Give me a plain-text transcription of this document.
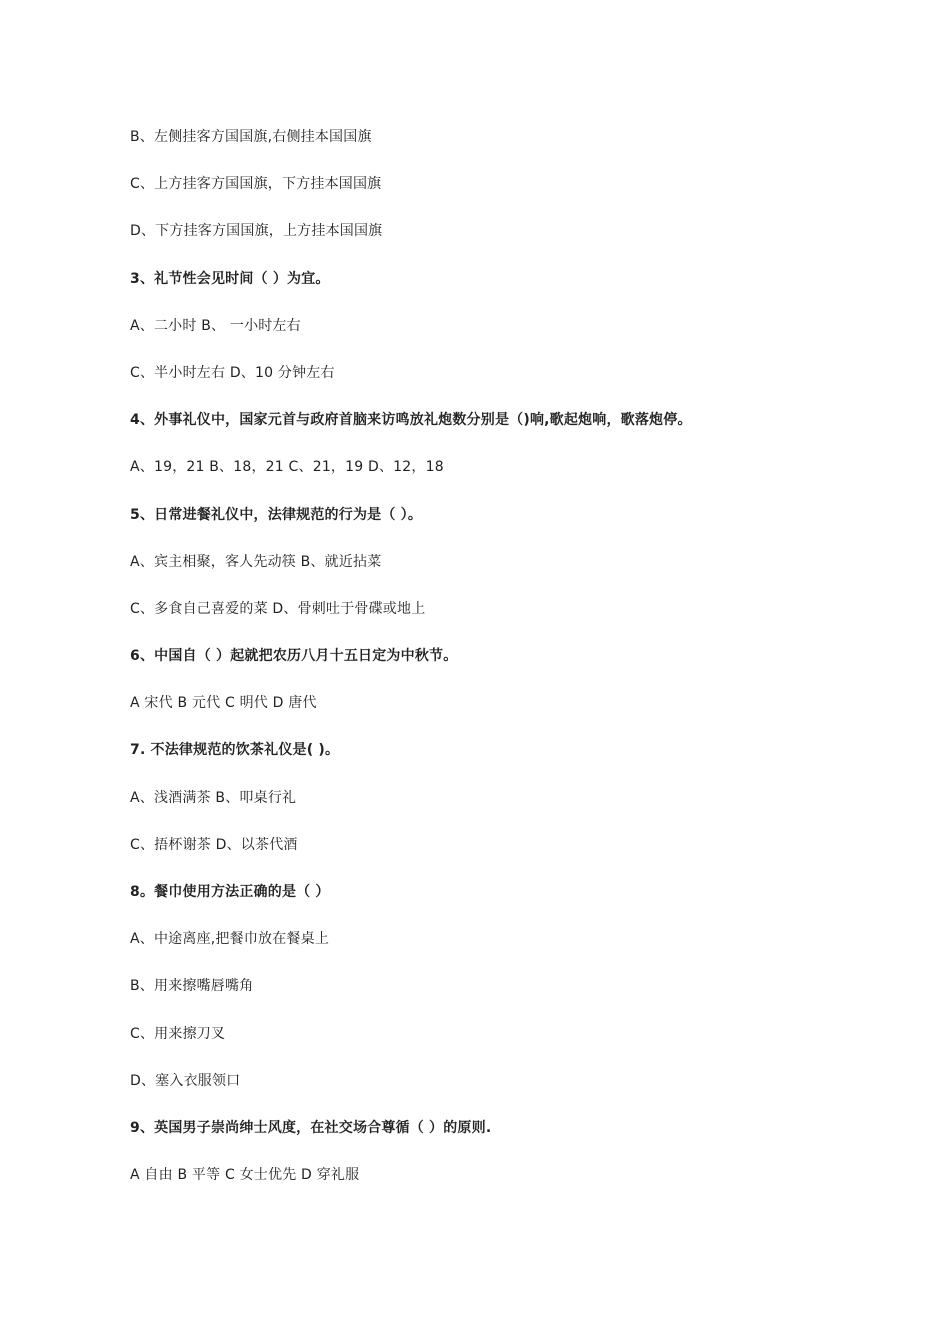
B、左侧挂客方国国旗,右侧挂本国国旗
C、上方挂客方国国旗，下方挂本国国旗
D、下方挂客方国国旗，上方挂本国国旗
3、礼节性会见时间（ ）为宜。
A、二小时 B、 一小时左右
C、半小时左右 D、10 分钟左右
4、外事礼仪中，国家元首与政府首脑来访鸣放礼炮数分别是（)响,歌起炮响，歌落炮停。
A、19，21 B、18，21 C、21，19 D、12，18
5、日常进餐礼仪中，法律规范的行为是（ ）。
A、宾主相聚，客人先动筷 B、就近拈菜
C、多食自己喜爱的菜 D、骨刺吐于骨碟或地上
6、中国自（ ）起就把农历八月十五日定为中秋节。
A 宋代 B 元代 C 明代 D 唐代
7. 不法律规范的饮茶礼仪是( )。
A、浅酒满茶 B、叩桌行礼
C、捂杯谢茶 D、以茶代酒
8。餐巾使用方法正确的是（ ）
A、中途离座,把餐巾放在餐桌上
B、用来擦嘴唇嘴角
C、用来擦刀叉
D、塞入衣服领口
9、英国男子崇尚绅士风度，在社交场合尊循（ ）的原则.
A 自由 B 平等 C 女士优先 D 穿礼服
